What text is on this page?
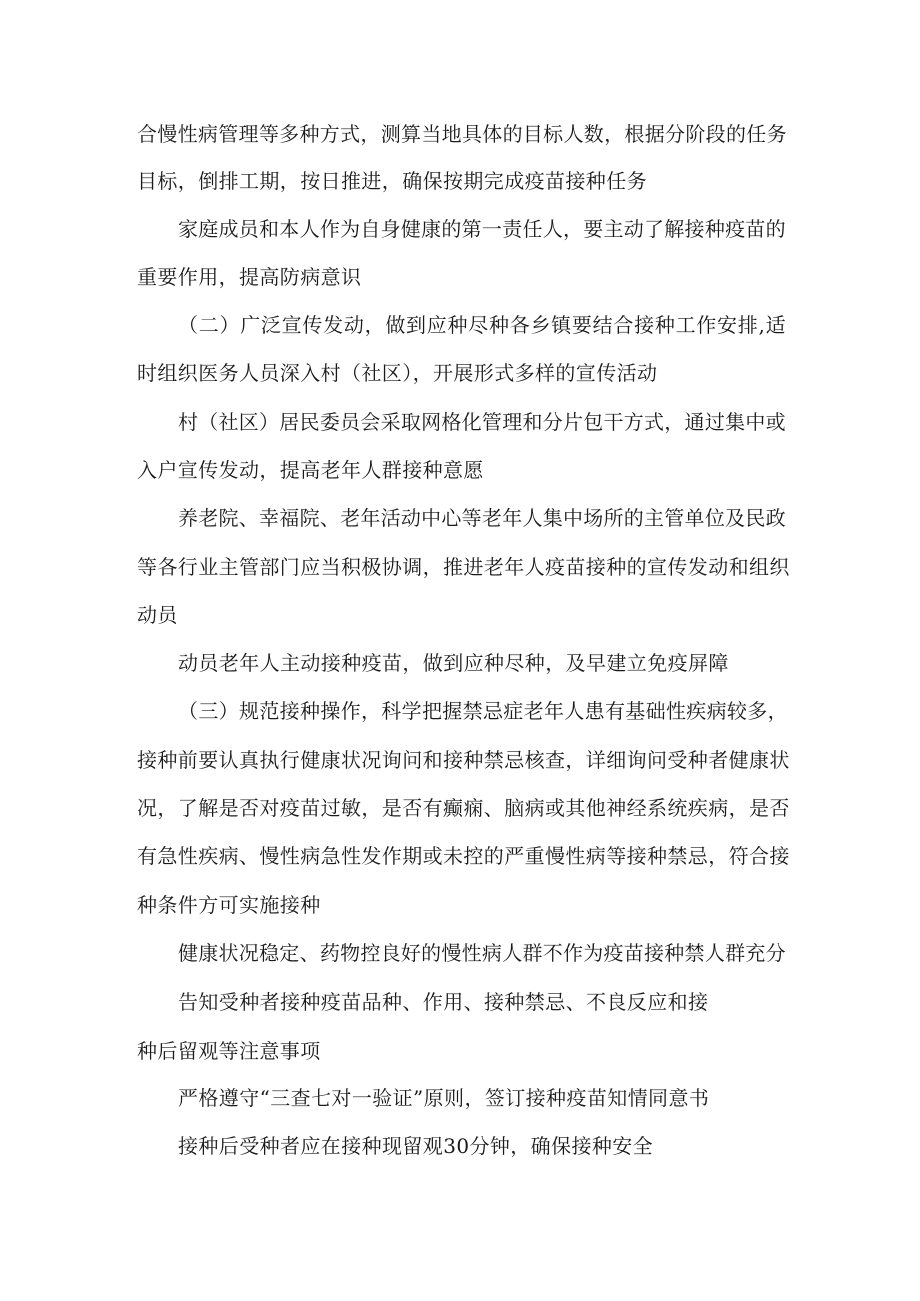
合慢性病管理等多种方式，测算当地具体的目标人数，根据分阶段的任务
目标，倒排工期，按日推进，确保按期完成疫苗接种任务
家庭成员和本人作为自身健康的第一责任人，要主动了解接种疫苗的
重要作用，提高防病意识
（二）广泛宣传发动，做到应种尽种各乡镇要结合接种工作安排,适
时组织医务人员深入村（社区），开展形式多样的宣传活动
村（社区）居民委员会采取网格化管理和分片包干方式，通过集中或
入户宣传发动，提高老年人群接种意愿
养老院、幸福院、老年活动中心等老年人集中场所的主管单位及民政
等各行业主管部门应当积极协调，推进老年人疫苗接种的宣传发动和组织
动员
动员老年人主动接种疫苗，做到应种尽种，及早建立免疫屏障
（三）规范接种操作，科学把握禁忌症老年人患有基础性疾病较多，
接种前要认真执行健康状况询问和接种禁忌核查，详细询问受种者健康状
况，了解是否对疫苗过敏，是否有癫痫、脑病或其他神经系统疾病，是否
有急性疾病、慢性病急性发作期或未控的严重慢性病等接种禁忌，符合接
种条件方可实施接种
健康状况稳定、药物控良好的慢性病人群不作为疫苗接种禁人群充分
告知受种者接种疫苗品种、作用、接种禁忌、不良反应和接
种后留观等注意事项
严格遵守“三查七对一验证”原则，签订接种疫苗知情同意书
接种后受种者应在接种现留观30分钟，确保接种安全
